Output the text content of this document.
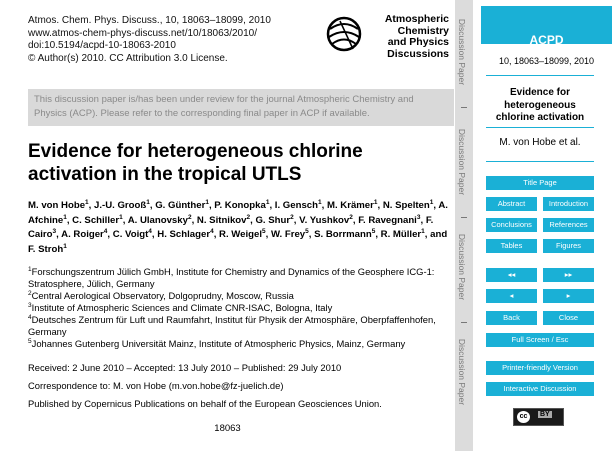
Atmos. Chem. Phys. Discuss., 10, 18063–18099, 2010
www.atmos-chem-phys-discuss.net/10/18063/2010/
doi:10.5194/acpd-10-18063-2010
© Author(s) 2010. CC Attribution 3.0 License.
Atmospheric
Chemistry
and Physics
Discussions
This discussion paper is/has been under review for the journal Atmospheric Chemistry and Physics (ACP). Please refer to the corresponding final paper in ACP if available.
Evidence for heterogeneous chlorine activation in the tropical UTLS
M. von Hobe$^1$, J.-U. Grooß$^1$, G. Günther$^1$, P. Konopka$^1$, I. Gensch$^1$, M. Krämer$^1$, N. Spelten$^1$, A. Afchine$^1$, C. Schiller$^1$, A. Ulanovsky$^2$, N. Sitnikov$^2$, G. Shur$^2$, V. Yushkov$^2$, F. Ravegnani$^3$, F. Cairo$^3$, A. Roiger$^4$, C. Voigt$^4$, H. Schlager$^4$, R. Weigel$^5$, W. Frey$^5$, S. Borrmann$^5$, R. Müller$^1$, and F. Stroh$^1$
$^1$Forschungszentrum Jülich GmbH, Institute for Chemistry and Dynamics of the Geosphere ICG-1: Stratosphere, Jülich, Germany
$^2$Central Aerological Observatory, Dolgoprudny, Moscow, Russia
$^3$Institute of Atmospheric Sciences and Climate CNR-ISAC, Bologna, Italy
$^4$Deutsches Zentrum für Luft und Raumfahrt, Institut für Physik der Atmosphäre, Oberpfaffenhofen, Germany
$^5$Johannes Gutenberg Universität Mainz, Institute of Atmospheric Physics, Mainz, Germany
Received: 2 June 2010 – Accepted: 13 July 2010 – Published: 29 July 2010
Correspondence to: M. von Hobe (m.von.hobe@fz-juelich.de)
Published by Copernicus Publications on behalf of the European Geosciences Union.
18063
Discussion Paper
Discussion Paper
Discussion Paper
Discussion Paper
ACPD
10, 18063–18099, 2010
Evidence for heterogeneous chlorine activation
M. von Hobe et al.
Title Page
Abstract	Introduction
Conclusions	References
Tables	Figures
◂◂	▸▸
◂	▸
Back	Close
Full Screen / Esc
Printer-friendly Version
Interactive Discussion
cc	BY
